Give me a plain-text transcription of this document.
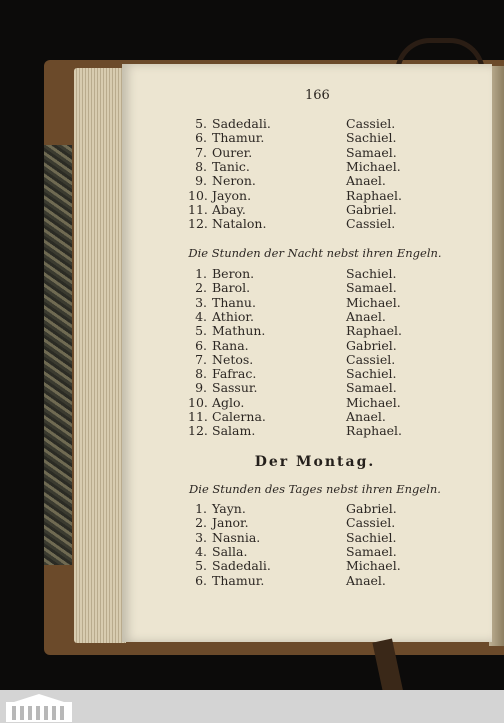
166
5. Sadedali.	Cassiel.
6. Thamur.	Sachiel.
7. Ourer.	Samael.
8. Tanic.	Michael.
9. Neron.	Anael.
10. Jayon.	Raphael.
11. Abay.	Gabriel.
12. Natalon.	Cassiel.
Die Stunden der Nacht nebst ihren Engeln.
1. Beron.	Sachiel.
2. Barol.	Samael.
3. Thanu.	Michael.
4. Athior.	Anael.
5. Mathun.	Raphael.
6. Rana.	Gabriel.
7. Netos.	Cassiel.
8. Fafrac.	Sachiel.
9. Sassur.	Samael.
10. Aglo.	Michael.
11. Calerna.	Anael.
12. Salam.	Raphael.
Der Montag.
Die Stunden des Tages nebst ihren Engeln.
1. Yayn.	Gabriel.
2. Janor.	Cassiel.
3. Nasnia.	Sachiel.
4. Salla.	Samael.
5. Sadedali.	Michael.
6. Thamur.	Anael.
